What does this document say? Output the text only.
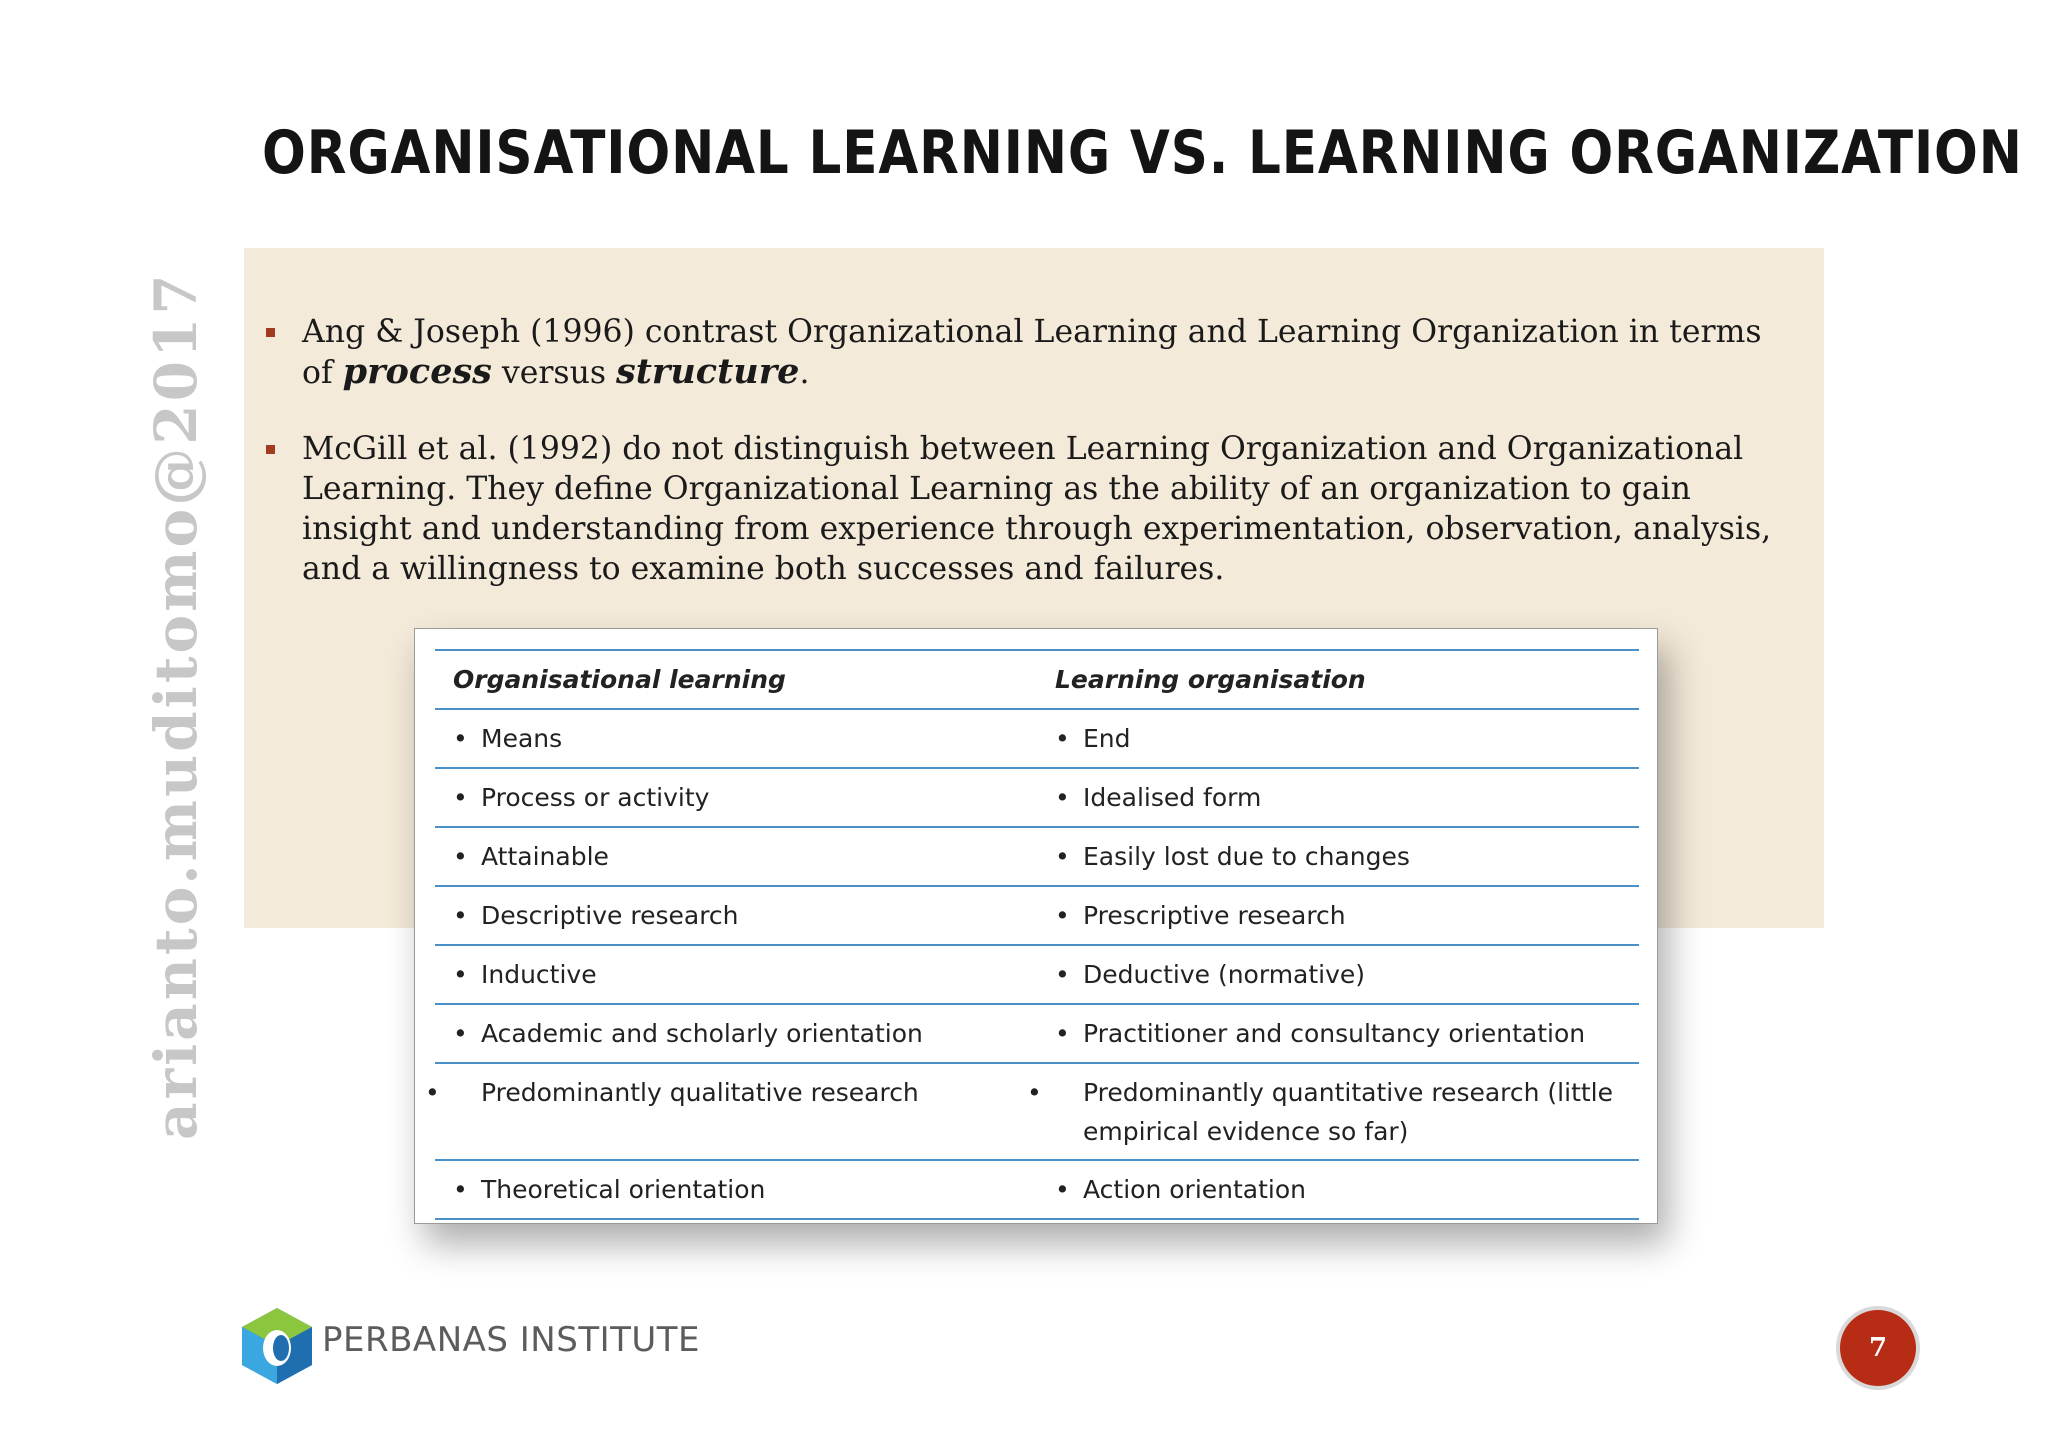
ORGANISATIONAL LEARNING VS. LEARNING ORGANIZATION
arianto.muditomo@2017	Ang & Joseph (1996) contrast Organizational Learning and Learning Organization in terms of process versus structure.
McGill et al. (1992) do not distinguish between Learning Organization and Organizational Learning. They define Organizational Learning as the ability of an organization to gain insight and understanding from experience through experimentation, observation, analysis, and a willingness to examine both successes and failures.
Organisational learning	Learning organisation
• Means	• End
• Process or activity	• Idealised form
• Attainable	• Easily lost due to changes
• Descriptive research	• Prescriptive research
• Inductive	• Deductive (normative)
• Academic and scholarly orientation	• Practitioner and consultancy orientation

• Predominantly qualitative research	• Predominantly quantitative research (little empirical evidence so far)

• Theoretical orientation	• Action orientation
PERBANAS INSTITUTE	7
